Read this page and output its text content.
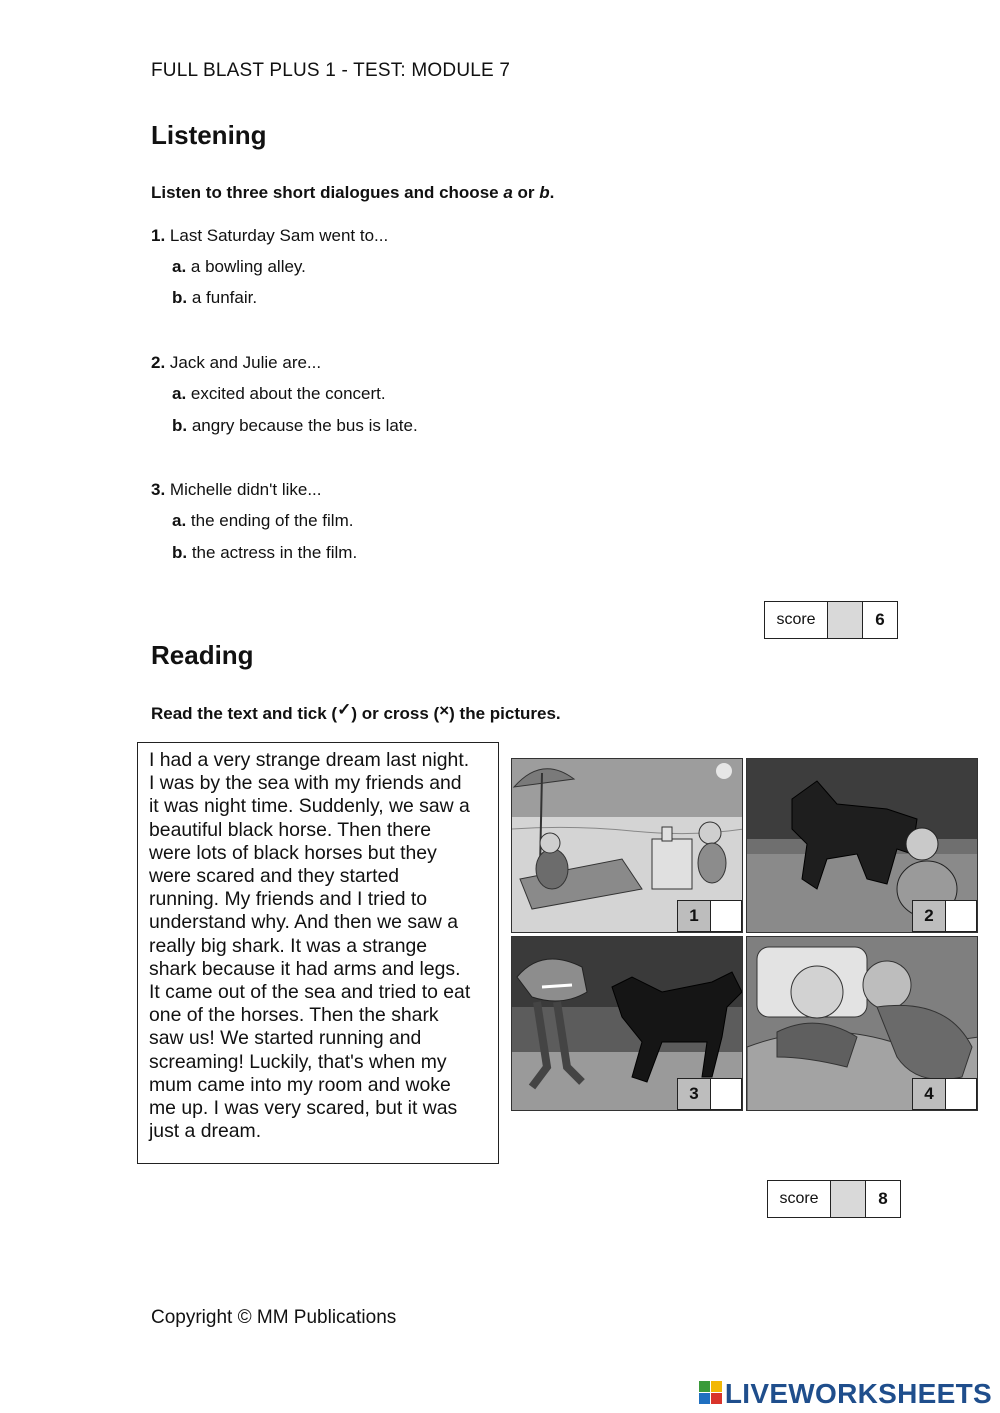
FULL BLAST PLUS 1 - TEST: MODULE 7
Listening
Listen to three short dialogues and choose a or b.
1. Last Saturday Sam went to...
a. a bowling alley.
b. a funfair.
2. Jack and Julie are...
a. excited about the concert.
b. angry because the bus is late.
3. Michelle didn't like...
a. the ending of the film.
b. the actress in the film.
score	6
Reading
Read the text and tick (✓) or cross (×) the pictures.

I had a very strange dream last night.

I was by the sea with my friends and

it was night time. Suddenly, we saw a

beautiful black horse. Then there

were lots of black horses but they

were scared and they started

running. My friends and I tried to

understand why. And then we saw a

really big shark. It was a strange

shark because it had arms and legs.

It came out of the sea and tried to eat

one of the horses. Then the shark

saw us! We started running and

screaming! Luckily, that's when my

mum came into my room and woke

me up. I was very scared, but it was

just a dream.

1	2
3	4
score	8
Copyright © MM Publications
LIVEWORKSHEETS
